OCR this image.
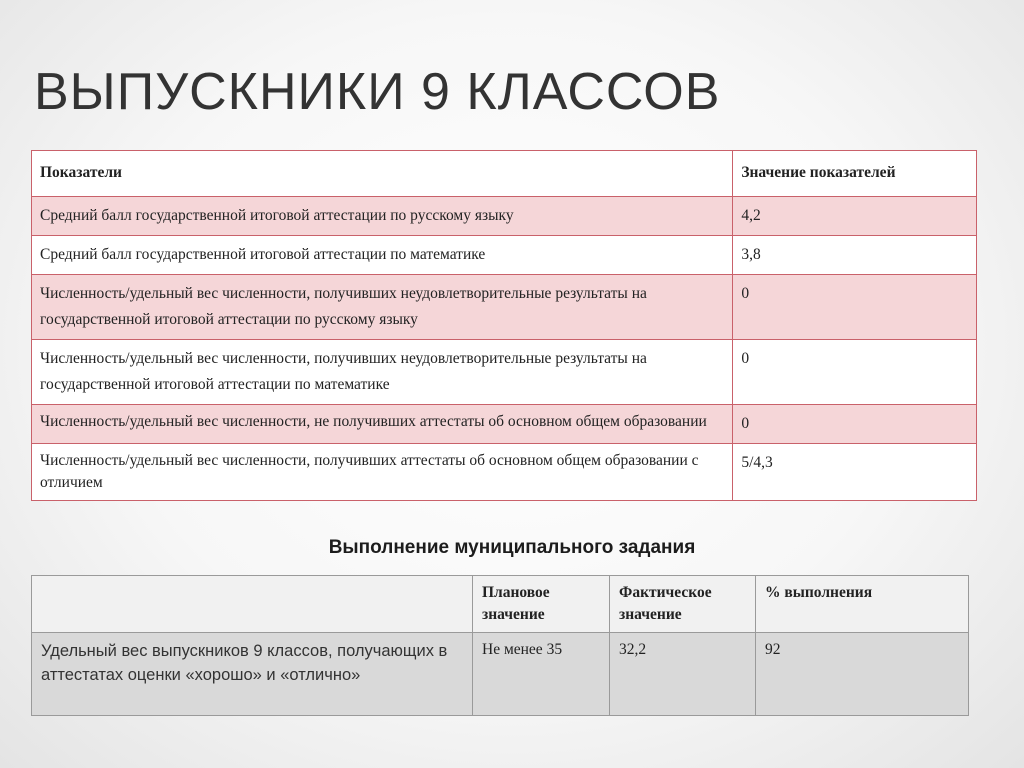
ВЫПУСКНИКИ 9 КЛАССОВ
Показатели	Значение показателей
Средний балл государственной итоговой аттестации по русскому языку	4,2
Средний балл государственной итоговой аттестации по математике	3,8
Численность/удельный вес численности, получивших неудовлетворительные результаты на государственной итоговой аттестации по русскому языку	0
Численность/удельный вес численности, получивших неудовлетворительные результаты на государственной итоговой аттестации по математике	0
Численность/удельный вес численности, не получивших аттестаты об основном общем образовании	0
Численность/удельный вес численности, получивших аттестаты об основном общем образовании с отличием	5/4,3
Выполнение муниципального задания
	Плановое значение	Фактическое значение	% выполнения
Удельный вес выпускников 9 классов, получающих в аттестатах оценки «хорошо» и «отлично»	Не менее 35	32,2	92
